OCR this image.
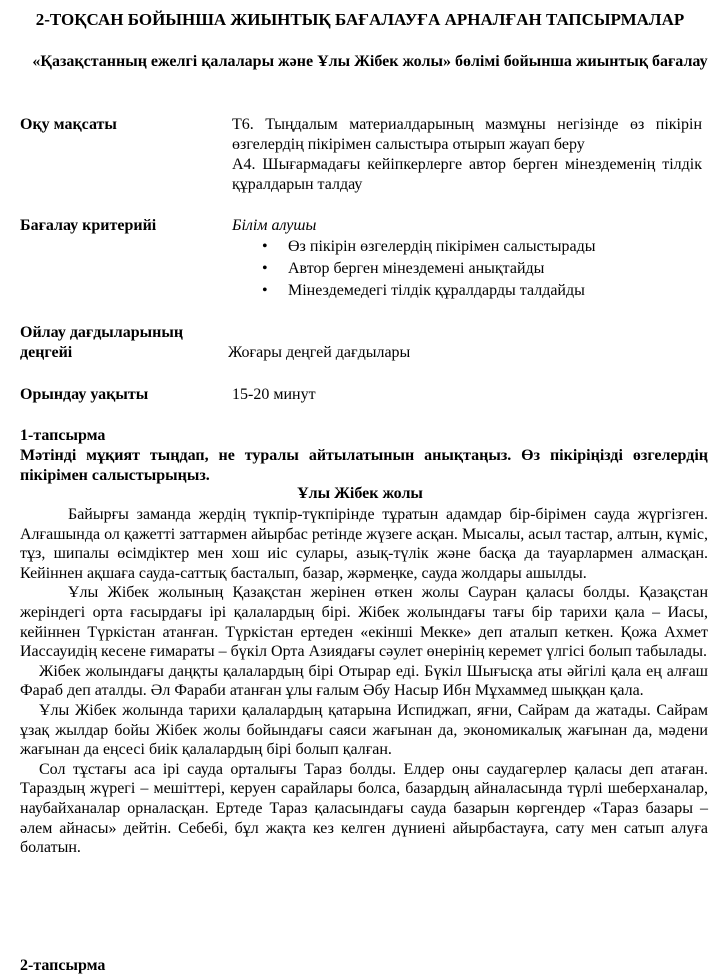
2-ТОҚСАН БОЙЫНША ЖИЫНТЫҚ БАҒАЛАУҒА АРНАЛҒАН ТАПСЫРМАЛАР
«Қазақстанның ежелгі қалалары және Ұлы Жібек жолы» бөлімі бойынша жиынтық бағалау
Оқу мақсаты	Т6. Тыңдалым материалдарының мазмұны негізінде өз пікірін өзгелердің пікірімен салыстыра отырып жауап беру

А4. Шығармадағы кейіпкерлерге автор берген мінездеменің тілдік құралдарын талдау

Бағалау критерийі	Білім алушы
• Өз пікірін өзгелердің пікірімен салыстырады
• Автор берген мінездемені анықтайды
• Мінездемедегі тілдік құралдарды талдайды
Ойлау дағдыларының деңгейі	Жоғары деңгей дағдылары
Орындау уақыты	15-20 минут
1-тапсырма
Мәтінді мұқият тыңдап, не туралы айтылатынын анықтаңыз. Өз пікіріңізді өзгелердің пікірімен салыстырыңыз.
Ұлы Жібек жолы

Байырғы заманда жердің түкпір-түкпірінде тұратын адамдар бір-бірімен сауда жүргізген. Алғашында ол қажетті заттармен айырбас ретінде жүзеге асқан. Мысалы, асыл тастар, алтын, күміс, тұз, шипалы өсімдіктер мен хош иіс сулары, азық-түлік және басқа да тауарлармен алмасқан. Кейіннен ақшаға сауда-саттық басталып, базар, жәрмеңке, сауда жолдары ашылды.

Ұлы Жібек жолының Қазақстан жерінен өткен жолы Сауран қаласы болды. Қазақстан жеріндегі орта ғасырдағы ірі қалалардың бірі. Жібек жолындағы тағы бір тарихи қала – Иасы, кейіннен Түркістан атанған. Түркістан ертеден «екінші Мекке» деп аталып кеткен. Қожа Ахмет Иассауидің кесене ғимараты – бүкіл Орта Азиядағы сәулет өнерінің керемет үлгісі болып табылады.

Жібек жолындағы даңқты қалалардың бірі Отырар еді. Бүкіл Шығысқа аты әйгілі қала ең алғаш Фараб деп аталды. Әл Фараби атанған ұлы ғалым Әбу Насыр Ибн Мұхаммед шыққан қала.

Ұлы Жібек жолында тарихи қалалардың қатарына Испиджап, яғни, Сайрам да жатады. Сайрам ұзақ жылдар бойы Жібек жолы бойындағы саяси жағынан да, экономикалық жағынан да, мәдени жағынан да еңсесі биік қалалардың бірі болып қалған.

Сол тұстағы аса ірі сауда орталығы Тараз болды. Елдер оны саудагерлер қаласы деп атаған. Тараздың жүрегі – мешіттері, керуен сарайлары болса, базардың айналасында түрлі шеберханалар, наубайханалар орналасқан. Ертеде Тараз қаласындағы сауда базарын көргендер «Тараз базары – әлем айнасы» дейтін. Себебі, бұл жақта кез келген дүниені айырбастауға, сату мен сатып алуға болатын.

2-тапсырма
